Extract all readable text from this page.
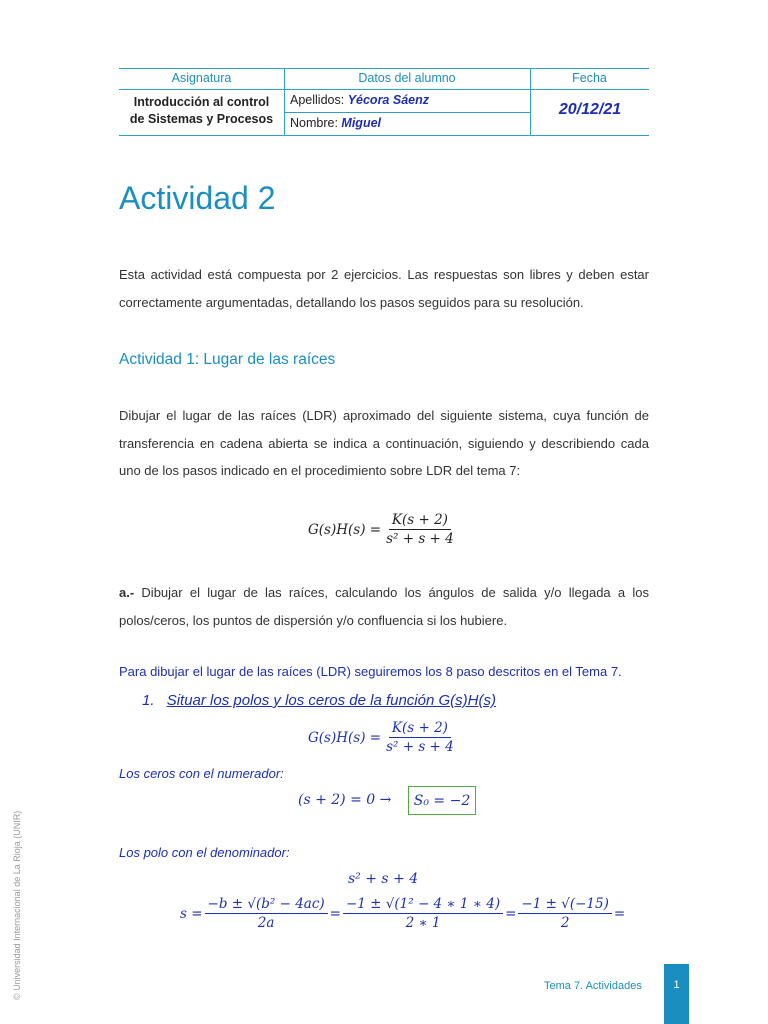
Asignatura	Datos del alumno	Fecha
Introducción al control
de Sistemas y Procesos
Apellidos: Yécora Sáenz
Nombre: Miguel
20/12/21
Actividad 2
Esta actividad está compuesta por 2 ejercicios. Las respuestas son libres y deben estar correctamente argumentadas, detallando los pasos seguidos para su resolución.
Actividad 1: Lugar de las raíces
Dibujar el lugar de las raíces (LDR) aproximado del siguiente sistema, cuya función de transferencia en cadena abierta se indica a continuación, siguiendo y describiendo cada uno de los pasos indicado en el procedimiento sobre LDR del tema 7:
$G(s)H(s) = \frac{K(s + 2)}{\text{s² + s + 4}}$
a.- Dibujar el lugar de las raíces, calculando los ángulos de salida y/o llegada a los polos/ceros, los puntos de dispersión y/o confluencia si los hubiere.
Para dibujar el lugar de las raíces (LDR) seguiremos los 8 paso descritos en el Tema 7.
1. Situar los polos y los ceros de la función G(s)H(s)
$G(s)H(s) = \frac{K(s + 2)}{\text{s² + s + 4}}$
Los ceros con el numerador:
(s + 2) = 0 →	S₀ = −2
Los polo con el denominador:
s² + s + 4
$s = \frac{\text{−b ± √(b² − 4ac)}}{2a} = \frac{\text{−1 ± √(1² − 4 ∗ 1 ∗ 4)}}{2 ∗ 1} = \frac{-1 \pm √(-15)}{2}$ =
Tema 7. Actividades	1
© Universidad Internacional de La Rioja (UNIR)
